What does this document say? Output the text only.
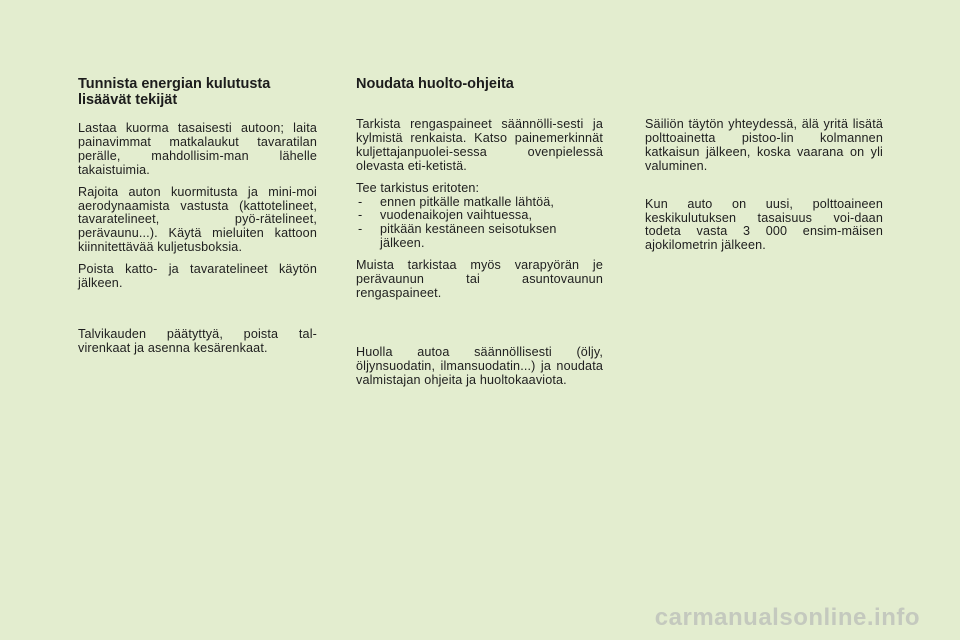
Tunnista energian kulutusta lisäävät tekijät

Lastaa kuorma tasaisesti autoon; laita painavimmat matkalaukut tavaratilan perälle, mahdollisim-man lähelle takaistuimia.

Rajoita auton kuormitusta ja mini-moi aerodynaamista vastusta (kattotelineet, tavaratelineet, pyö-rätelineet, perävaunu...). Käytä mieluiten kattoon kiinnitettävää kuljetusboksia.

Poista katto- ja tavaratelineet käytön jälkeen.

Talvikauden päätyttyä, poista tal-virenkaat ja asenna kesärenkaat.

Noudata huolto-ohjeita

Tarkista rengaspaineet säännölli-sesti ja kylmistä renkaista. Katso painemerkinnät kuljettajanpuolei-sessa ovenpielessä olevasta eti-ketistä.

Tee tarkistus eritoten:

- ennen pitkälle matkalle lähtöä,
- vuodenaikojen vaihtuessa,
- pitkään kestäneen seisotuksen jälkeen.

Muista tarkistaa myös varapyörän je perävaunun tai asuntovaunun rengaspaineet.

Huolla autoa säännöllisesti (öljy, öljynsuodatin, ilmansuodatin...) ja noudata valmistajan ohjeita ja huoltokaaviota.

Säiliön täytön yhteydessä, älä yritä lisätä polttoainetta pistoo-lin kolmannen katkaisun jälkeen, koska vaarana on yli valuminen.

Kun auto on uusi, polttoaineen keskikulutuksen tasaisuus voi-daan todeta vasta 3 000 ensim-mäisen ajokilometrin jälkeen.

carmanualsonline.info
